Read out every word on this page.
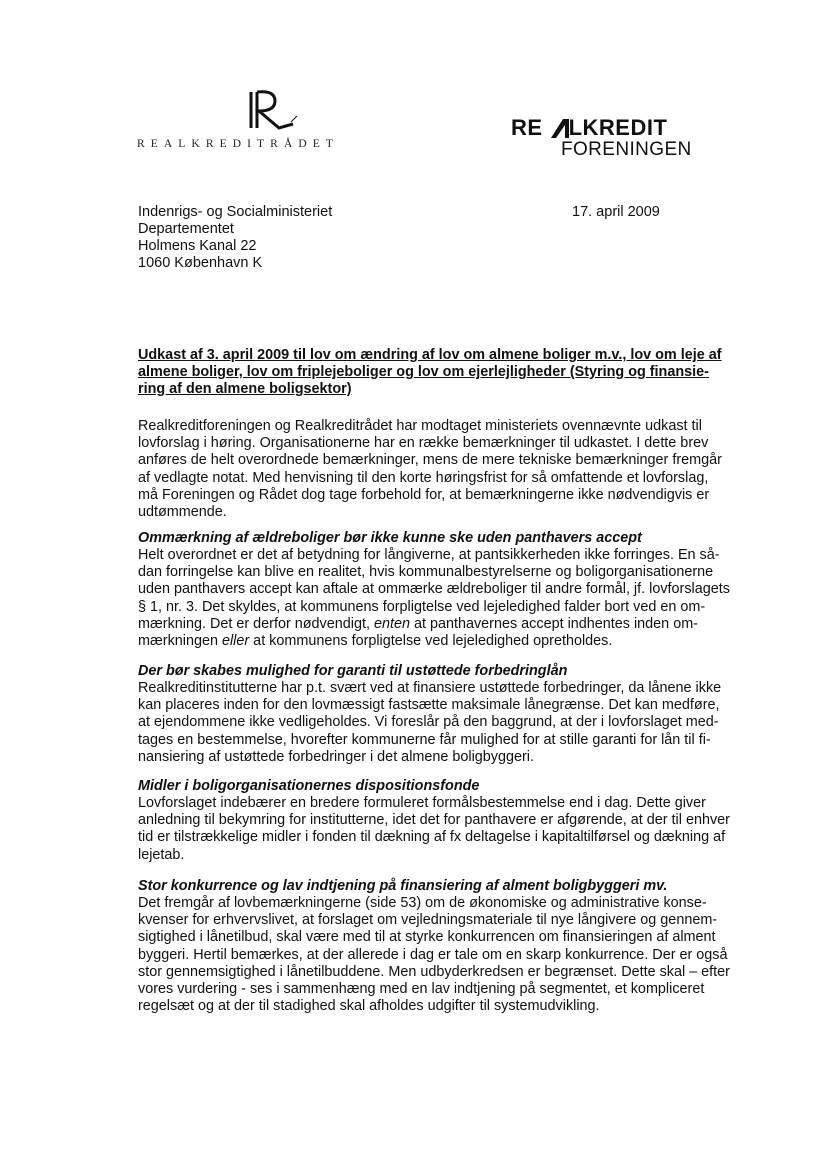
REALKREDITRÅDET
RE LKREDIT
FORENINGEN
Indenrigs- og Socialministeriet
Departementet
Holmens Kanal 22
1060 København K
17. april 2009
Udkast af 3. april 2009 til lov om ændring af lov om almene boliger m.v., lov om leje af almene boliger, lov om friplejeboliger og lov om ejerlejligheder (Styring og finansie-ring af den almene boligsektor)

Realkreditforeningen og Realkreditrådet har modtaget ministeriets ovennævnte udkast til lovforslag i høring. Organisationerne har en række bemærkninger til udkastet. I dette brev anføres de helt overordnede bemærkninger, mens de mere tekniske bemærkninger fremgår af vedlagte notat. Med henvisning til den korte høringsfrist for så omfattende et lovforslag, må Foreningen og Rådet dog tage forbehold for, at bemærkningerne ikke nødvendigvis er udtømmende.

Ommærkning af ældreboliger bør ikke kunne ske uden panthavers accept

Helt overordnet er det af betydning for långiverne, at pantsikkerheden ikke forringes. En så-dan forringelse kan blive en realitet, hvis kommunalbestyrelserne og boligorganisationerne uden panthavers accept kan aftale at ommærke ældreboliger til andre formål, jf. lovforslagets § 1, nr. 3. Det skyldes, at kommunens forpligtelse ved lejeledighed falder bort ved en om-mærkning. Det er derfor nødvendigt, enten at panthavernes accept indhentes inden om-mærkningen eller at kommunens forpligtelse ved lejeledighed opretholdes.

Der bør skabes mulighed for garanti til ustøttede forbedringlån

Realkreditinstitutterne har p.t. svært ved at finansiere ustøttede forbedringer, da lånene ikke kan placeres inden for den lovmæssigt fastsætte maksimale lånegrænse. Det kan medføre, at ejendommene ikke vedligeholdes. Vi foreslår på den baggrund, at der i lovforslaget med-tages en bestemmelse, hvorefter kommunerne får mulighed for at stille garanti for lån til fi-nansiering af ustøttede forbedringer i det almene boligbyggeri.

Midler i boligorganisationernes dispositionsfonde

Lovforslaget indebærer en bredere formuleret formålsbestemmelse end i dag. Dette giver anledning til bekymring for institutterne, idet det for panthavere er afgørende, at der til enhver tid er tilstrækkelige midler i fonden til dækning af fx deltagelse i kapitaltilførsel og dækning af lejetab.

Stor konkurrence og lav indtjening på finansiering af alment boligbyggeri mv.

Det fremgår af lovbemærkningerne (side 53) om de økonomiske og administrative konse-kvenser for erhvervslivet, at forslaget om vejledningsmateriale til nye långivere og gennem-sigtighed i lånetilbud, skal være med til at styrke konkurrencen om finansieringen af alment byggeri. Hertil bemærkes, at der allerede i dag er tale om en skarp konkurrence. Der er også stor gennemsigtighed i lånetilbuddene. Men udbyderkredsen er begrænset. Dette skal – efter vores vurdering - ses i sammenhæng med en lav indtjening på segmentet, et kompliceret regelsæt og at der til stadighed skal afholdes udgifter til systemudvikling.
